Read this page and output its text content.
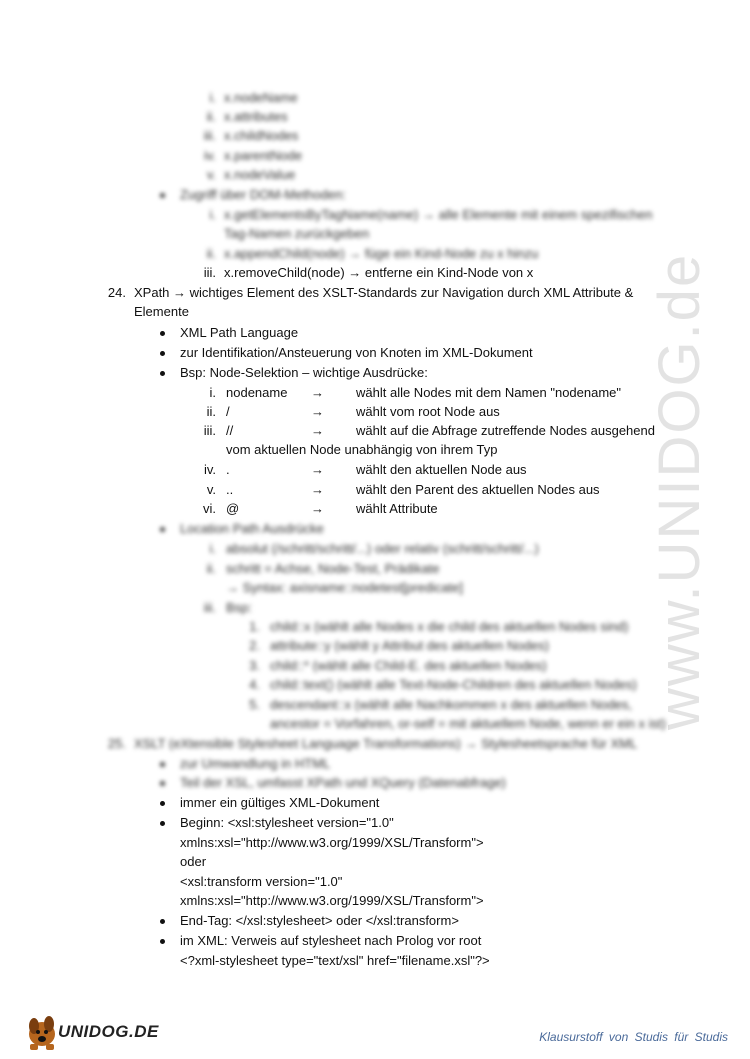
www.UNIDOG.de
i. x.nodeName
ii. x.attributes
iii. x.childNodes
iv. x.parentNode
v. x.nodeValue
Zugriff über DOM-Methoden:
i. x.getElementsByTagName(name) → alle Elemente mit einem spezifischen
Tag-Namen zurückgeben
ii. x.appendChild(node) → füge ein Kind-Node zu x hinzu
iii. x.removeChild(node) → entferne ein Kind-Node von x
24. XPath → wichtiges Element des XSLT-Standards zur Navigation durch XML Attribute &
Elemente
XML Path Language
zur Identifikation/Ansteuerung von Knoten im XML-Dokument
Bsp: Node-Selektion – wichtige Ausdrücke:
i. nodename → wählt alle Nodes mit dem Namen "nodename"
ii. /	→ wählt vom root Node aus
iii. //	→ wählt auf die Abfrage zutreffende Nodes ausgehend
vom aktuellen Node unabhängig von ihrem Typ
iv. .	→ wählt den aktuellen Node aus
v. ..	→ wählt den Parent des aktuellen Nodes aus
vi. @	→ wählt Attribute
Location Path Ausdrücke
i. absolut (/schritt/schritt/...) oder relativ (schritt/schritt/...)
ii. schritt = Achse, Node-Test, Prädikate
→ Syntax: axisname::nodetest[predicate]
iii. Bsp:
1. child::x (wählt alle Nodes x die child des aktuellen Nodes sind)
2. attribute::y (wählt y Attribut des aktuellen Nodes)
3. child::* (wählt alle Child-E. des aktuellen Nodes)
4. child::text() (wählt alle Text-Node-Children des aktuellen Nodes)
5. descendant::x (wählt alle Nachkommen x des aktuellen Nodes,
ancestor = Vorfahren, or-self = mit aktuellem Node, wenn er ein x ist)
25. XSLT (eXtensible Stylesheet Language Transformations) → Stylesheetsprache für XML
zur Umwandlung in HTML
Teil der XSL, umfasst XPath und XQuery (Datenabfrage)
immer ein gültiges XML-Dokument
Beginn: <xsl:stylesheet version="1.0"
xmlns:xsl="http://www.w3.org/1999/XSL/Transform">
oder
<xsl:transform version="1.0"
xmlns:xsl="http://www.w3.org/1999/XSL/Transform">
End-Tag: </xsl:stylesheet> oder </xsl:transform>
im XML: Verweis auf stylesheet nach Prolog vor root
<?xml-stylesheet type="text/xsl" href="filename.xsl"?>
UNIDOG.DE	Klausurstoff von Studis für Studis
